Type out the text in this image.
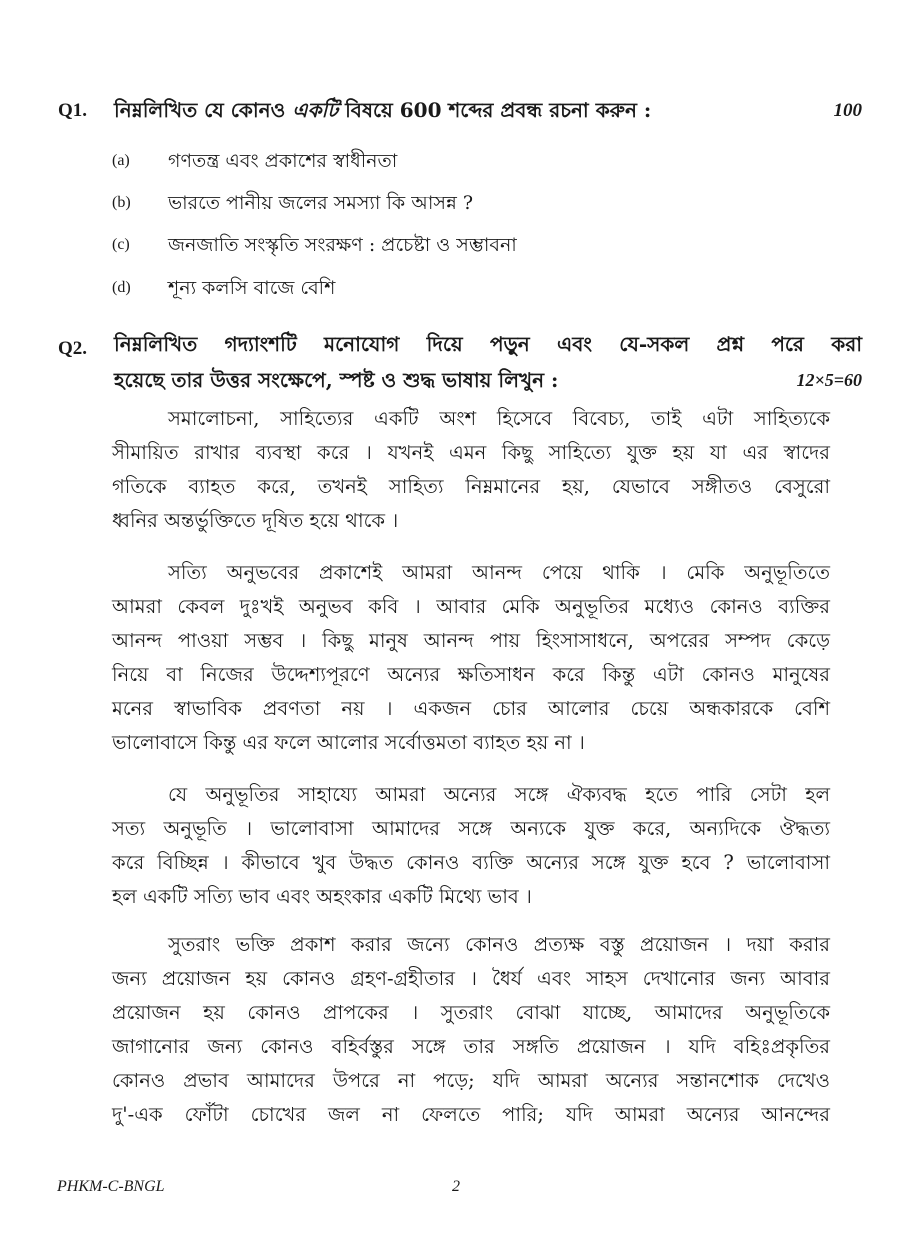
Q1. নিম্নলিখিত যে কোনও একটি বিষয়ে 600 শব্দের প্রবন্ধ রচনা করুন :	100
(a) গণতন্ত্র এবং প্রকাশের স্বাধীনতা
(b) ভারতে পানীয় জলের সমস্যা কি আসন্ন ?
(c) জনজাতি সংস্কৃতি সংরক্ষণ : প্রচেষ্টা ও সম্ভাবনা
(d) শূন্য কলসি বাজে বেশি
Q2. নিম্নলিখিত গদ্যাংশটি মনোযোগ দিয়ে পড়ুন এবং যে-সকল প্রশ্ন পরে করা
হয়েছে তার উত্তর সংক্ষেপে, স্পষ্ট ও শুদ্ধ ভাষায় লিখুন :	12×5=60
সমালোচনা, সাহিত্যের একটি অংশ হিসেবে বিবেচ্য, তাই এটা সাহিত্যকে
সীমায়িত রাখার ব্যবস্থা করে । যখনই এমন কিছু সাহিত্যে যুক্ত হয় যা এর স্বাদের
গতিকে ব্যাহত করে, তখনই সাহিত্য নিম্নমানের হয়, যেভাবে সঙ্গীতও বেসুরো
ধ্বনির অন্তর্ভুক্তিতে দূষিত হয়ে থাকে ।
সত্যি অনুভবের প্রকাশেই আমরা আনন্দ পেয়ে থাকি । মেকি অনুভূতিতে
আমরা কেবল দুঃখই অনুভব কবি । আবার মেকি অনুভূতির মধ্যেও কোনও ব্যক্তির
আনন্দ পাওয়া সম্ভব । কিছু মানুষ আনন্দ পায় হিংসাসাধনে, অপরের সম্পদ কেড়ে
নিয়ে বা নিজের উদ্দেশ্যপূরণে অন্যের ক্ষতিসাধন করে কিন্তু এটা কোনও মানুষের
মনের স্বাভাবিক প্রবণতা নয় । একজন চোর আলোর চেয়ে অন্ধকারকে বেশি
ভালোবাসে কিন্তু এর ফলে আলোর সর্বোত্তমতা ব্যাহত হয় না ।
যে অনুভূতির সাহায্যে আমরা অন্যের সঙ্গে ঐক্যবদ্ধ হতে পারি সেটা হল
সত্য অনুভূতি । ভালোবাসা আমাদের সঙ্গে অন্যকে যুক্ত করে, অন্যদিকে ঔদ্ধত্য
করে বিচ্ছিন্ন । কীভাবে খুব উদ্ধত কোনও ব্যক্তি অন্যের সঙ্গে যুক্ত হবে ? ভালোবাসা
হল একটি সত্যি ভাব এবং অহংকার একটি মিথ্যে ভাব ।
সুতরাং ভক্তি প্রকাশ করার জন্যে কোনও প্রত্যক্ষ বস্তু প্রয়োজন । দয়া করার
জন্য প্রয়োজন হয় কোনও গ্রহণ-গ্রহীতার । ধৈর্য এবং সাহস দেখানোর জন্য আবার
প্রয়োজন হয় কোনও প্রাপকের । সুতরাং বোঝা যাচ্ছে, আমাদের অনুভূতিকে
জাগানোর জন্য কোনও বহির্বস্তুর সঙ্গে তার সঙ্গতি প্রয়োজন । যদি বহিঃপ্রকৃতির
কোনও প্রভাব আমাদের উপরে না পড়ে; যদি আমরা অন্যের সন্তানশোক দেখেও
দু'-এক ফোঁটা চোখের জল না ফেলতে পারি; যদি আমরা অন্যের আনন্দের
PHKM-C-BNGL	2
